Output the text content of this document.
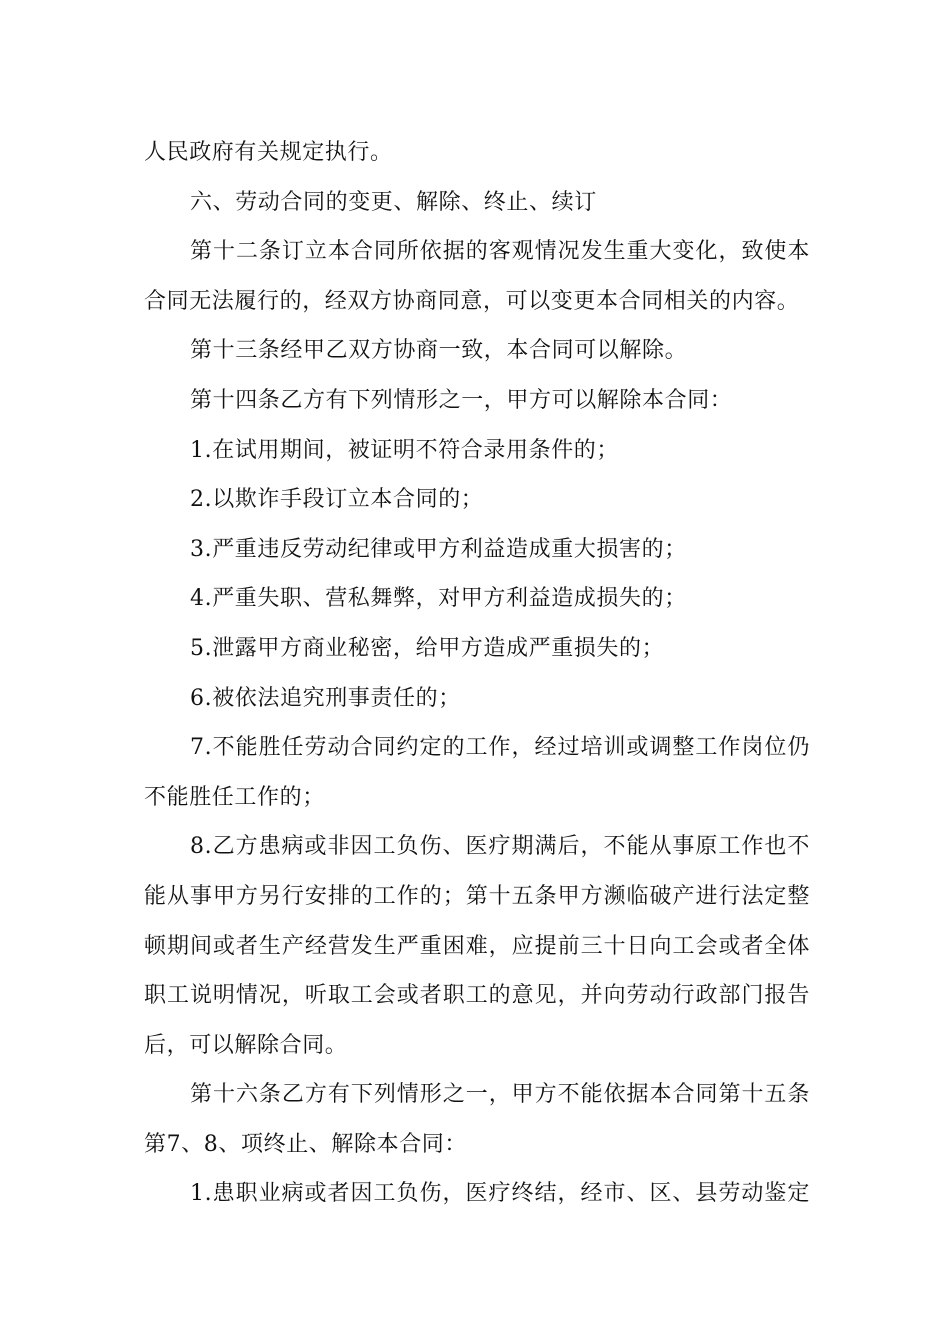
人民政府有关规定执行。
六、劳动合同的变更、解除、终止、续订
第十二条订立本合同所依据的客观情况发生重大变化，致使本
合同无法履行的，经双方协商同意，可以变更本合同相关的内容。
第十三条经甲乙双方协商一致，本合同可以解除。
第十四条乙方有下列情形之一，甲方可以解除本合同：
1.在试用期间，被证明不符合录用条件的；
2.以欺诈手段订立本合同的；
3.严重违反劳动纪律或甲方利益造成重大损害的；
4.严重失职、营私舞弊，对甲方利益造成损失的；
5.泄露甲方商业秘密，给甲方造成严重损失的；
6.被依法追究刑事责任的；
7.不能胜任劳动合同约定的工作，经过培训或调整工作岗位仍
不能胜任工作的；
8.乙方患病或非因工负伤、医疗期满后，不能从事原工作也不
能从事甲方另行安排的工作的；第十五条甲方濒临破产进行法定整
顿期间或者生产经营发生严重困难，应提前三十日向工会或者全体
职工说明情况，听取工会或者职工的意见，并向劳动行政部门报告
后，可以解除合同。
第十六条乙方有下列情形之一，甲方不能依据本合同第十五条
第7、8、项终止、解除本合同：
1.患职业病或者因工负伤，医疗终结，经市、区、县劳动鉴定
